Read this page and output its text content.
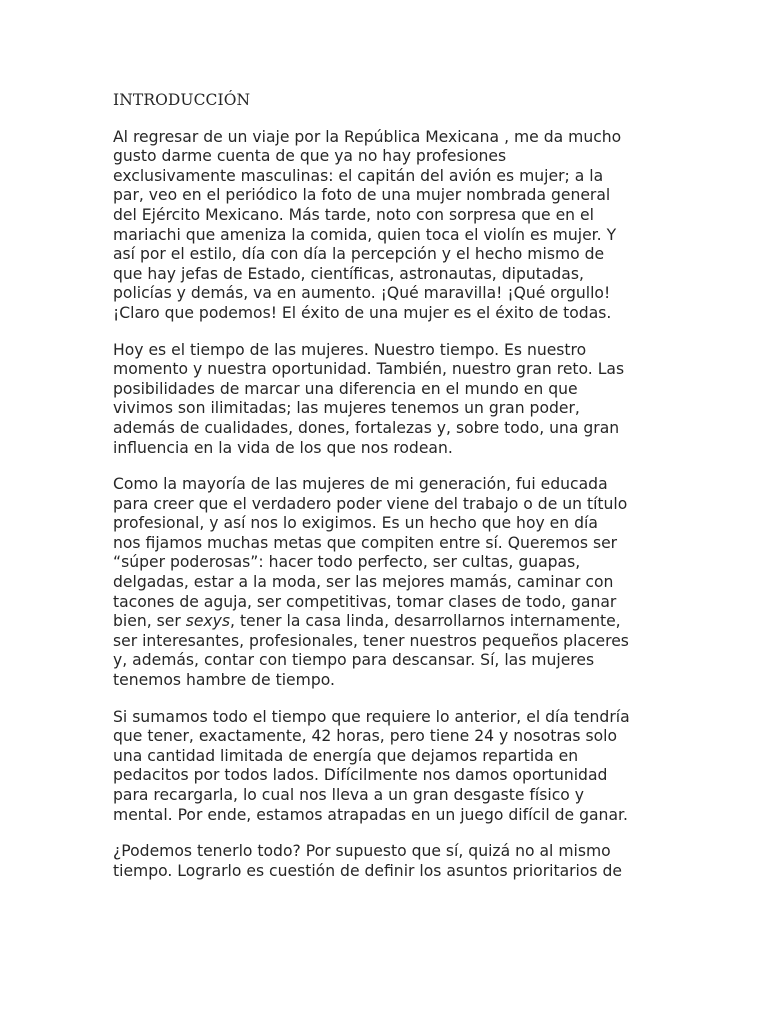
INTRODUCCIÓN
Al regresar de un viaje por la República Mexicana , me da mucho
gusto darme cuenta de que ya no hay profesiones
exclusivamente masculinas: el capitán del avión es mujer; a la
par, veo en el periódico la foto de una mujer nombrada general
del Ejército Mexicano. Más tarde, noto con sorpresa que en el
mariachi que ameniza la comida, quien toca el violín es mujer. Y
así por el estilo, día con día la percepción y el hecho mismo de
que hay jefas de Estado, científicas, astronautas, diputadas,
policías y demás, va en aumento. ¡Qué maravilla! ¡Qué orgullo!
¡Claro que podemos! El éxito de una mujer es el éxito de todas.
Hoy es el tiempo de las mujeres. Nuestro tiempo. Es nuestro
momento y nuestra oportunidad. También, nuestro gran reto. Las
posibilidades de marcar una diferencia en el mundo en que
vivimos son ilimitadas; las mujeres tenemos un gran poder,
además de cualidades, dones, fortalezas y, sobre todo, una gran
influencia en la vida de los que nos rodean.
Como la mayoría de las mujeres de mi generación, fui educada
para creer que el verdadero poder viene del trabajo o de un título
profesional, y así nos lo exigimos. Es un hecho que hoy en día
nos fijamos muchas metas que compiten entre sí. Queremos ser
“súper poderosas”: hacer todo perfecto, ser cultas, guapas,
delgadas, estar a la moda, ser las mejores mamás, caminar con
tacones de aguja, ser competitivas, tomar clases de todo, ganar
bien, ser sexys, tener la casa linda, desarrollarnos internamente,
ser interesantes, profesionales, tener nuestros pequeños placeres
y, además, contar con tiempo para descansar. Sí, las mujeres
tenemos hambre de tiempo.
Si sumamos todo el tiempo que requiere lo anterior, el día tendría
que tener, exactamente, 42 horas, pero tiene 24 y nosotras solo
una cantidad limitada de energía que dejamos repartida en
pedacitos por todos lados. Difícilmente nos damos oportunidad
para recargarla, lo cual nos lleva a un gran desgaste físico y
mental. Por ende, estamos atrapadas en un juego difícil de ganar.
¿Podemos tenerlo todo? Por supuesto que sí, quizá no al mismo
tiempo. Lograrlo es cuestión de definir los asuntos prioritarios de
